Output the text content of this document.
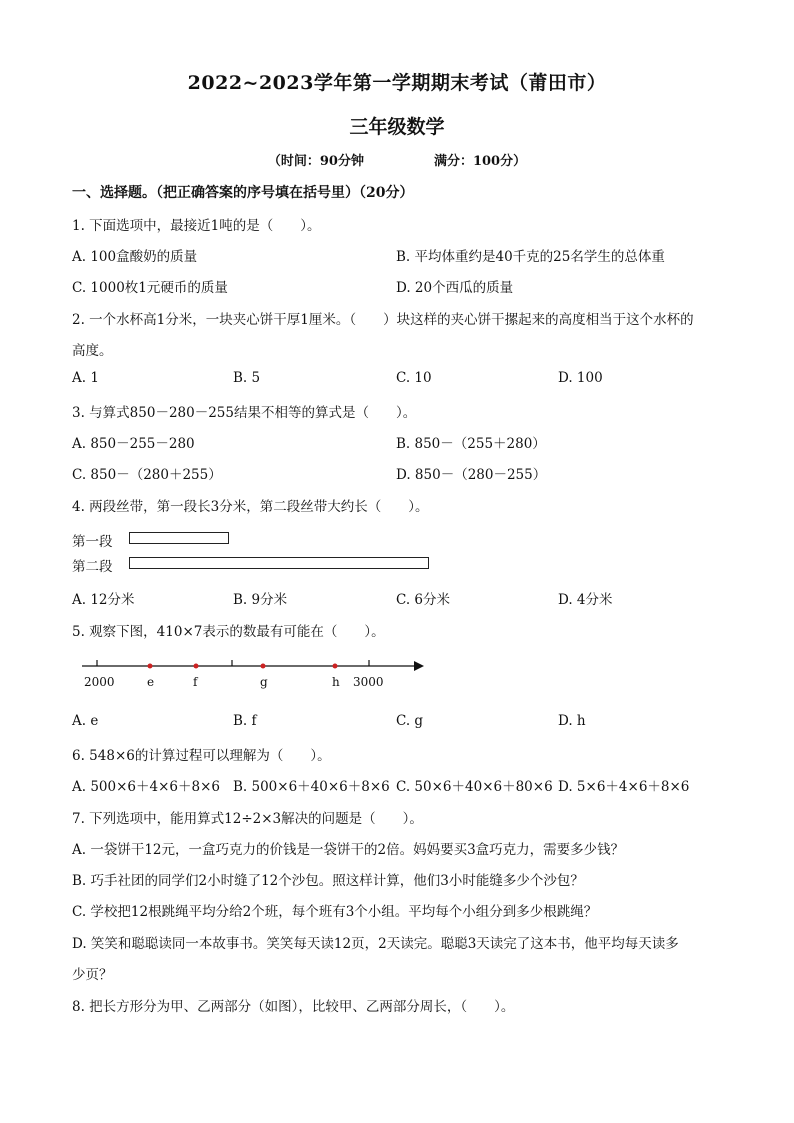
2022~2023学年第一学期期末考试（莆田市）
三年级数学
（时间：90分钟	满分：100分）
一、选择题。（把正确答案的序号填在括号里）（20分）
1. 下面选项中，最接近1吨的是（　　）。
A. 100盒酸奶的质量	B. 平均体重约是40千克的25名学生的总体重
C. 1000枚1元硬币的质量	D. 20个西瓜的质量
2. 一个水杯高1分米，一块夹心饼干厚1厘米。（　　）块这样的夹心饼干摞起来的高度相当于这个水杯的
高度。
A. 1	B. 5	C. 10	D. 100
3. 与算式850－280－255结果不相等的算式是（　　）。
A. 850－255－280	B. 850－（255＋280）
C. 850－（280＋255）	D. 850－（280－255）
4. 两段丝带，第一段长3分米，第二段丝带大约长（　　）。
第一段
第二段
A. 12分米	B. 9分米	C. 6分米	D. 4分米
5. 观察下图，410×7表示的数最有可能在（　　）。
2000	3000
e	f	g	h
A. e	B. f	C. g	D. h
6. 548×6的计算过程可以理解为（　　）。
A. 500×6＋4×6＋8×6 B. 500×6＋40×6＋8×6 C. 50×6＋40×6＋80×6 D. 5×6＋4×6＋8×6
7. 下列选项中，能用算式12÷2×3解决的问题是（　　）。
A. 一袋饼干12元，一盒巧克力的价钱是一袋饼干的2倍。妈妈要买3盒巧克力，需要多少钱？
B. 巧手社团的同学们2小时缝了12个沙包。照这样计算，他们3小时能缝多少个沙包？
C. 学校把12根跳绳平均分给2个班，每个班有3个小组。平均每个小组分到多少根跳绳？
D. 笑笑和聪聪读同一本故事书。笑笑每天读12页，2天读完。聪聪3天读完了这本书，他平均每天读多
少页？
8. 把长方形分为甲、乙两部分（如图），比较甲、乙两部分周长，（　　）。
